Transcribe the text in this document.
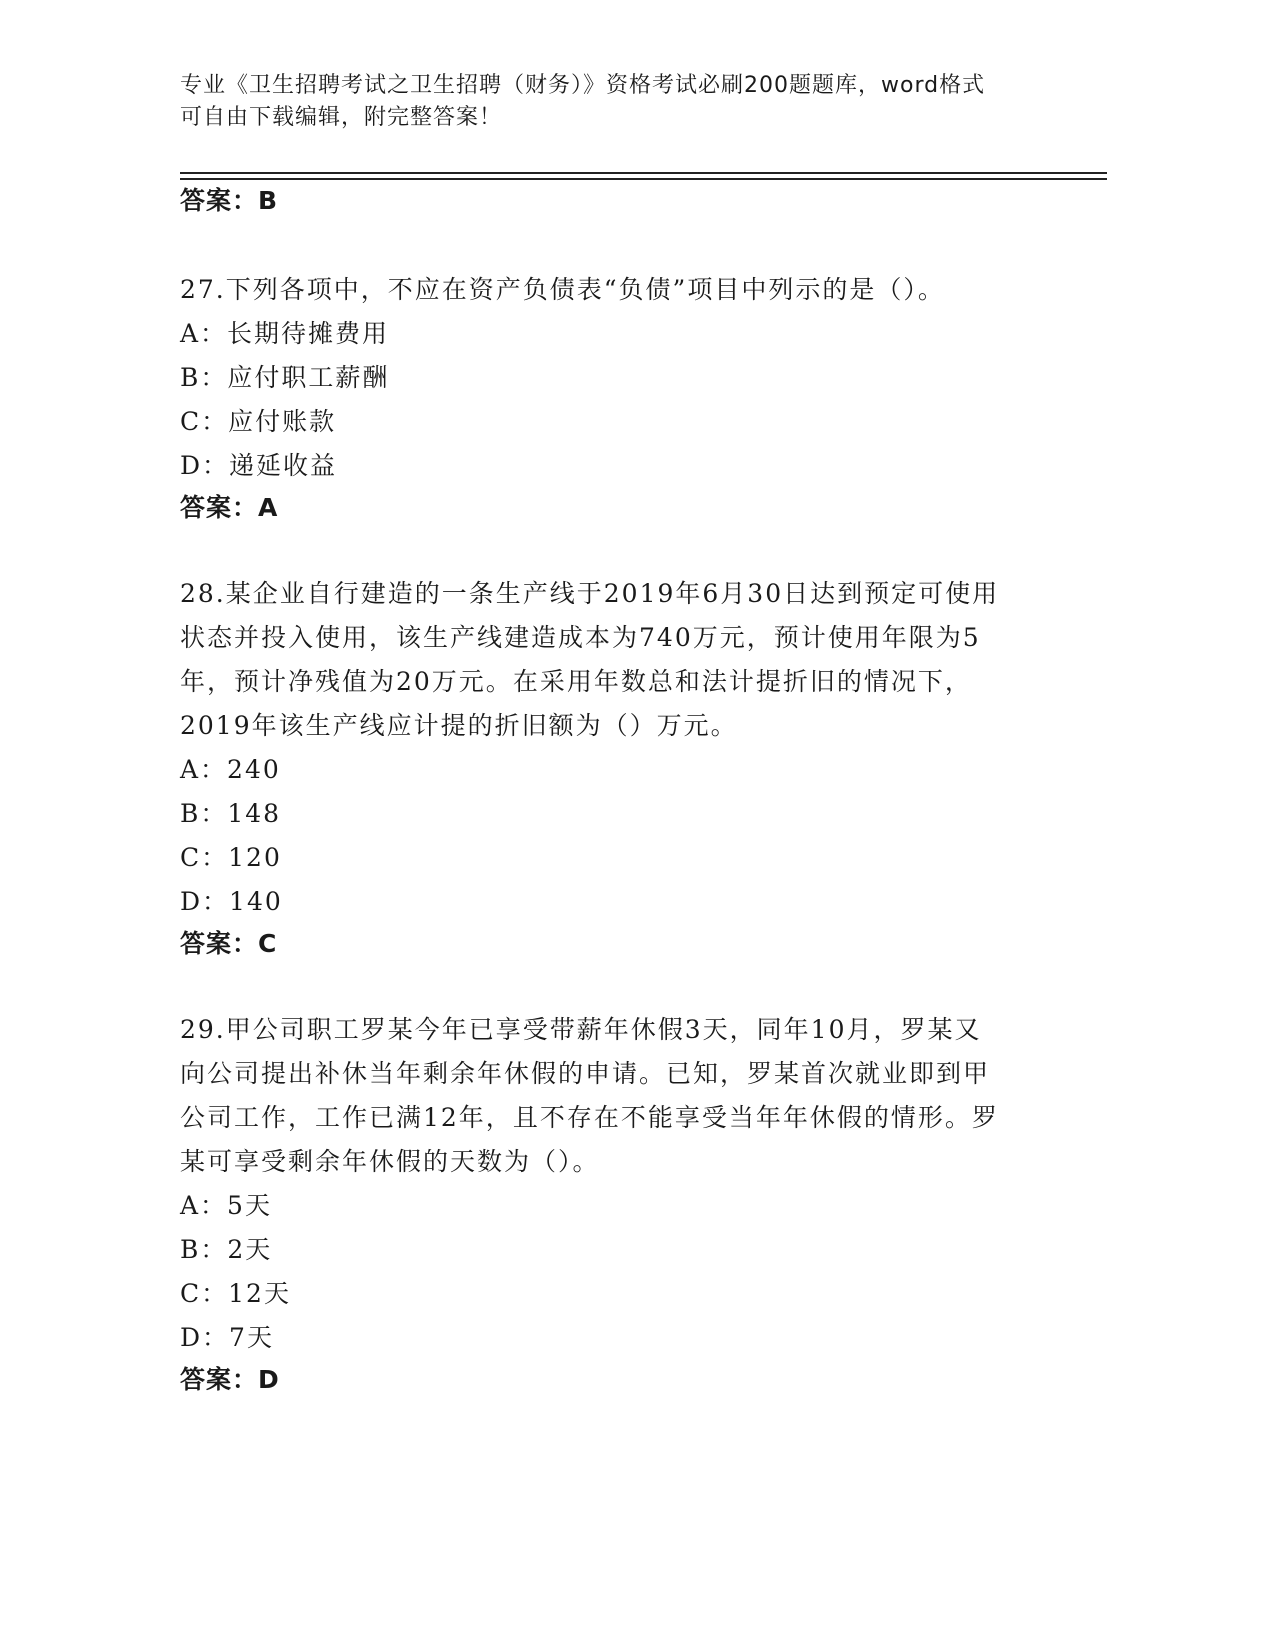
专业《卫生招聘考试之卫生招聘（财务）》资格考试必刷200题题库，word格式
可自由下载编辑，附完整答案！
答案：B
27.下列各项中，不应在资产负债表“负债”项目中列示的是（）。
A：长期待摊费用
B：应付职工薪酬
C：应付账款
D：递延收益
答案：A
28.某企业自行建造的一条生产线于2019年6月30日达到预定可使用
状态并投入使用，该生产线建造成本为740万元，预计使用年限为5
年，预计净残值为20万元。在采用年数总和法计提折旧的情况下，
2019年该生产线应计提的折旧额为（）万元。
A：240
B：148
C：120
D：140
答案：C
29.甲公司职工罗某今年已享受带薪年休假3天，同年10月，罗某又
向公司提出补休当年剩余年休假的申请。已知，罗某首次就业即到甲
公司工作，工作已满12年，且不存在不能享受当年年休假的情形。罗
某可享受剩余年休假的天数为（）。
A：5天
B：2天
C：12天
D：7天
答案：D
